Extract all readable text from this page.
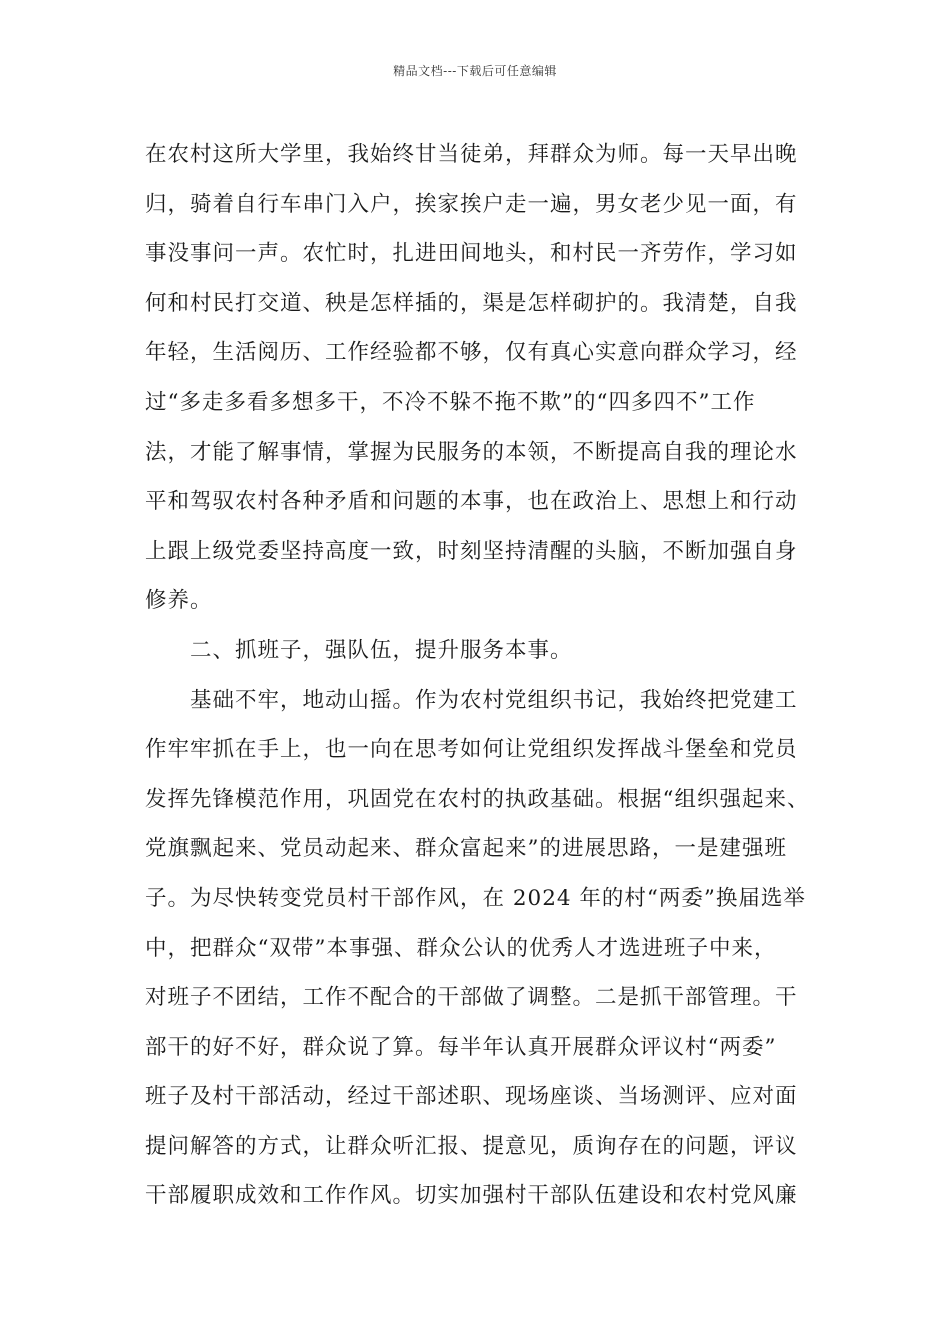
精品文档---下载后可任意编辑
在农村这所大学里，我始终甘当徒弟，拜群众为师。每一天早出晚
归，骑着自行车串门入户，挨家挨户走一遍，男女老少见一面，有
事没事问一声。农忙时，扎进田间地头，和村民一齐劳作，学习如
何和村民打交道、秧是怎样插的，渠是怎样砌护的。我清楚，自我
年轻，生活阅历、工作经验都不够，仅有真心实意向群众学习，经
过“多走多看多想多干，不冷不躲不拖不欺”的“四多四不”工作
法，才能了解事情，掌握为民服务的本领，不断提高自我的理论水
平和驾驭农村各种矛盾和问题的本事，也在政治上、思想上和行动
上跟上级党委坚持高度一致，时刻坚持清醒的头脑，不断加强自身
修养。
二、抓班子，强队伍，提升服务本事。
基础不牢，地动山摇。作为农村党组织书记，我始终把党建工
作牢牢抓在手上，也一向在思考如何让党组织发挥战斗堡垒和党员
发挥先锋模范作用，巩固党在农村的执政基础。根据“组织强起来、
党旗飘起来、党员动起来、群众富起来”的进展思路，一是建强班
子。为尽快转变党员村干部作风，在 2024 年的村“两委”换届选举
中，把群众“双带”本事强、群众公认的优秀人才选进班子中来，
对班子不团结，工作不配合的干部做了调整。二是抓干部管理。干
部干的好不好，群众说了算。每半年认真开展群众评议村“两委”
班子及村干部活动，经过干部述职、现场座谈、当场测评、应对面
提问解答的方式，让群众听汇报、提意见，质询存在的问题，评议
干部履职成效和工作作风。切实加强村干部队伍建设和农村党风廉
